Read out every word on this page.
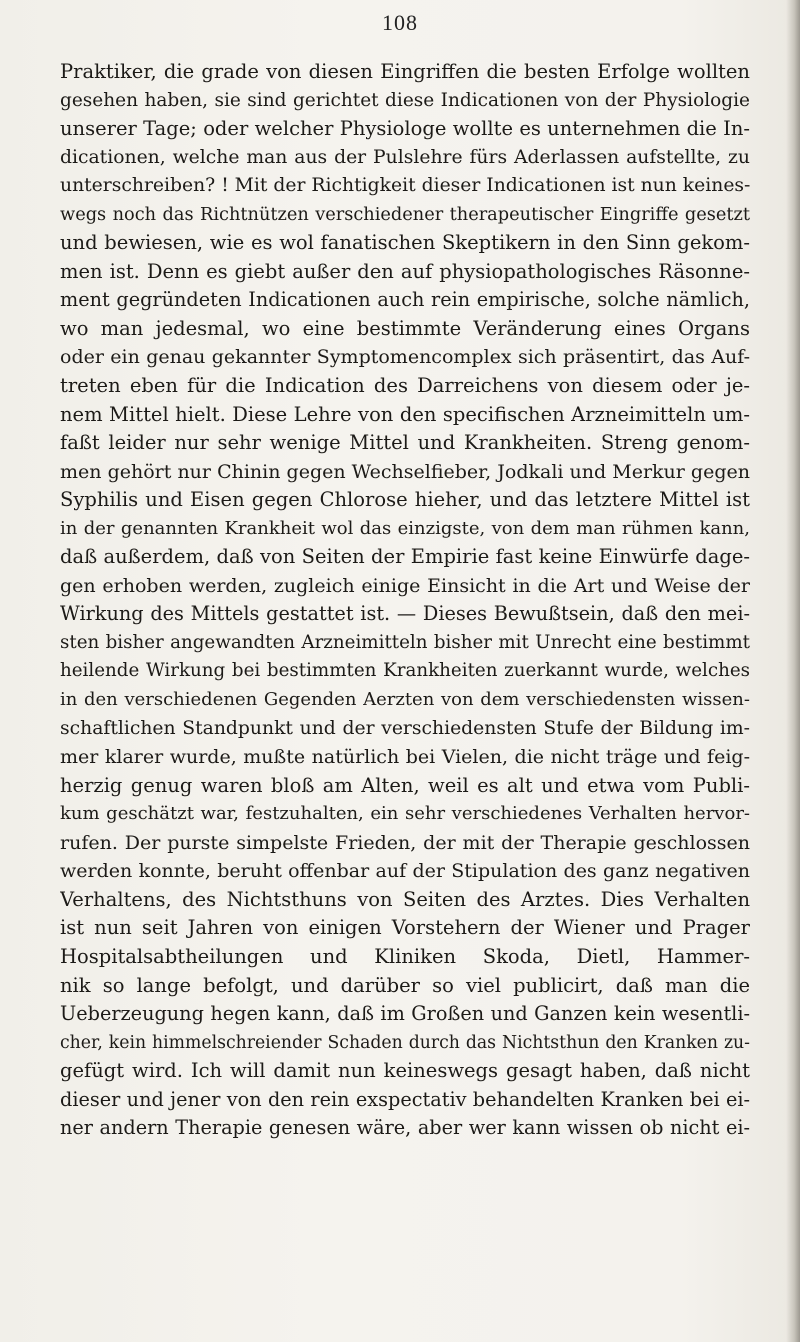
108
Praktiker, die grade von diesen Eingriffen die besten Erfolge wollten
gesehen haben, sie sind gerichtet diese Indicationen von der Physiologie
unserer Tage; oder welcher Physiologe wollte es unternehmen die In-
dicationen, welche man aus der Pulslehre fürs Aderlassen aufstellte, zu
unterschreiben? ! Mit der Richtigkeit dieser Indicationen ist nun keines-
wegs noch das Richtnützen verschiedener therapeutischer Eingriffe gesetzt
und bewiesen, wie es wol fanatischen Skeptikern in den Sinn gekom-
men ist. Denn es giebt außer den auf physiopathologisches Räsonne-
ment gegründeten Indicationen auch rein empirische, solche nämlich,
wo man jedesmal, wo eine bestimmte Veränderung eines Organs
oder ein genau gekannter Symptomencomplex sich präsentirt, das Auf-
treten eben für die Indication des Darreichens von diesem oder je-
nem Mittel hielt. Diese Lehre von den specifischen Arzneimitteln um-
faßt leider nur sehr wenige Mittel und Krankheiten. Streng genom-
men gehört nur Chinin gegen Wechselfieber, Jodkali und Merkur gegen
Syphilis und Eisen gegen Chlorose hieher, und das letztere Mittel ist
in der genannten Krankheit wol das einzigste, von dem man rühmen kann,
daß außerdem, daß von Seiten der Empirie fast keine Einwürfe dage-
gen erhoben werden, zugleich einige Einsicht in die Art und Weise der
Wirkung des Mittels gestattet ist. — Dieses Bewußtsein, daß den mei-
sten bisher angewandten Arzneimitteln bisher mit Unrecht eine bestimmt
heilende Wirkung bei bestimmten Krankheiten zuerkannt wurde, welches
in den verschiedenen Gegenden Aerzten von dem verschiedensten wissen-
schaftlichen Standpunkt und der verschiedensten Stufe der Bildung im-
mer klarer wurde, mußte natürlich bei Vielen, die nicht träge und feig-
herzig genug waren bloß am Alten, weil es alt und etwa vom Publi-
kum geschätzt war, festzuhalten, ein sehr verschiedenes Verhalten hervor-
rufen. Der purste simpelste Frieden, der mit der Therapie geschlossen
werden konnte, beruht offenbar auf der Stipulation des ganz negativen
Verhaltens, des Nichtsthuns von Seiten des Arztes. Dies Verhalten
ist nun seit Jahren von einigen Vorstehern der Wiener und Prager
Hospitalsabtheilungen und Kliniken Skoda, Dietl, Hammer-
nik so lange befolgt, und darüber so viel publicirt, daß man die
Ueberzeugung hegen kann, daß im Großen und Ganzen kein wesentli-
cher, kein himmelschreiender Schaden durch das Nichtsthun den Kranken zu-
gefügt wird. Ich will damit nun keineswegs gesagt haben, daß nicht
dieser und jener von den rein exspectativ behandelten Kranken bei ei-
ner andern Therapie genesen wäre, aber wer kann wissen ob nicht ei-
